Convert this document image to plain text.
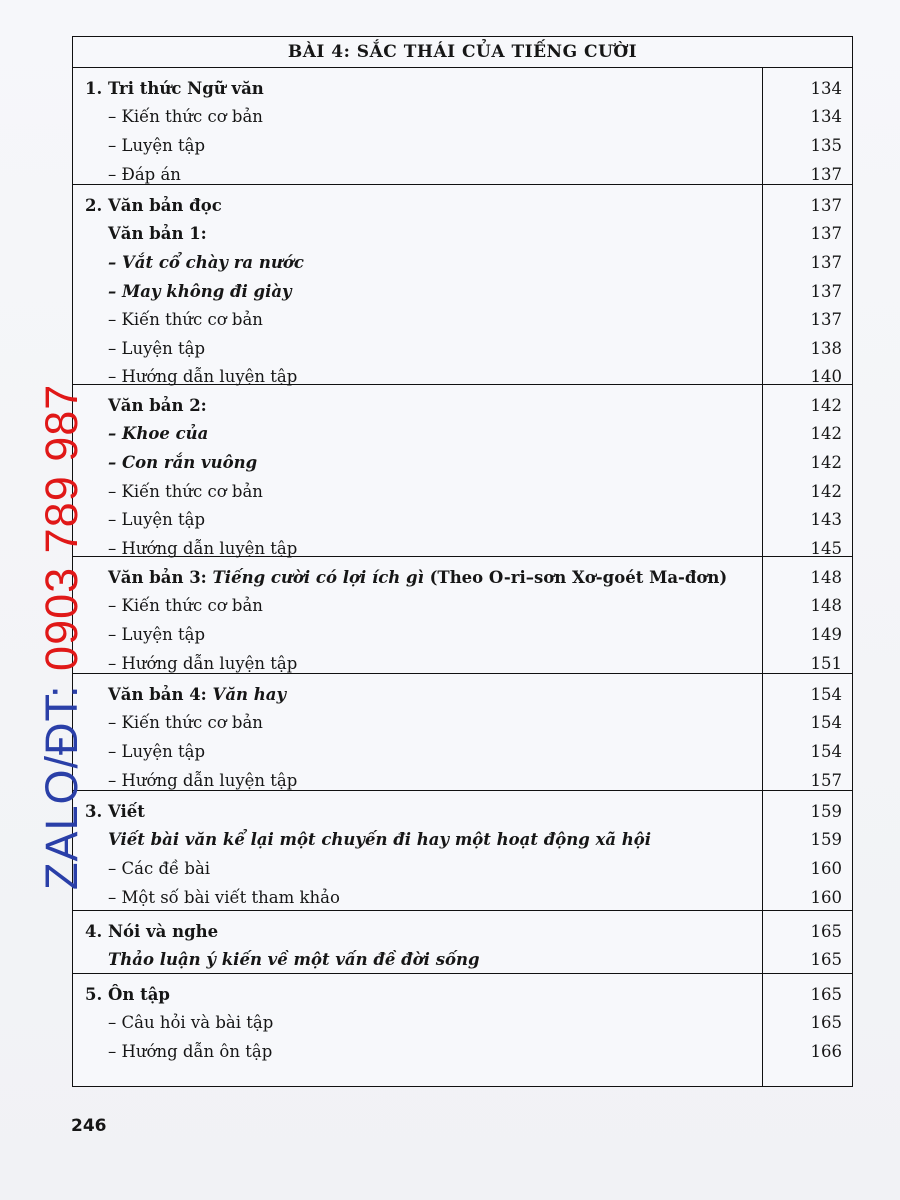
BÀI 4: SẮC THÁI CỦA TIẾNG CƯỜI
1. Tri thức Ngữ văn	134
– Kiến thức cơ bản	134
– Luyện tập	135
– Đáp án	137
2. Văn bản đọc	137
Văn bản 1:	137
– Vắt cổ chày ra nước	137
– May không đi giày	137
– Kiến thức cơ bản	137
– Luyện tập	138
– Hướng dẫn luyện tập	140
Văn bản 2:	142
– Khoe của	142
– Con rắn vuông	142
– Kiến thức cơ bản	142
– Luyện tập	143
– Hướng dẫn luyện tập	145
Văn bản 3: Tiếng cười có lợi ích gì (Theo O-ri–sơn Xơ-goét Ma-đơn)	148
– Kiến thức cơ bản	148
– Luyện tập	149
– Hướng dẫn luyện tập	151
Văn bản 4: Văn hay	154
– Kiến thức cơ bản	154
– Luyện tập	154
– Hướng dẫn luyện tập	157
3. Viết	159
Viết bài văn kể lại một chuyến đi hay một hoạt động xã hội	159
– Các đề bài	160
– Một số bài viết tham khảo	160
4. Nói và nghe	165
Thảo luận ý kiến về một vấn đề đời sống	165
5. Ôn tập	165
– Câu hỏi và bài tập	165
– Hướng dẫn ôn tập	166
ZALO/ĐT: 0903 789 987
246
